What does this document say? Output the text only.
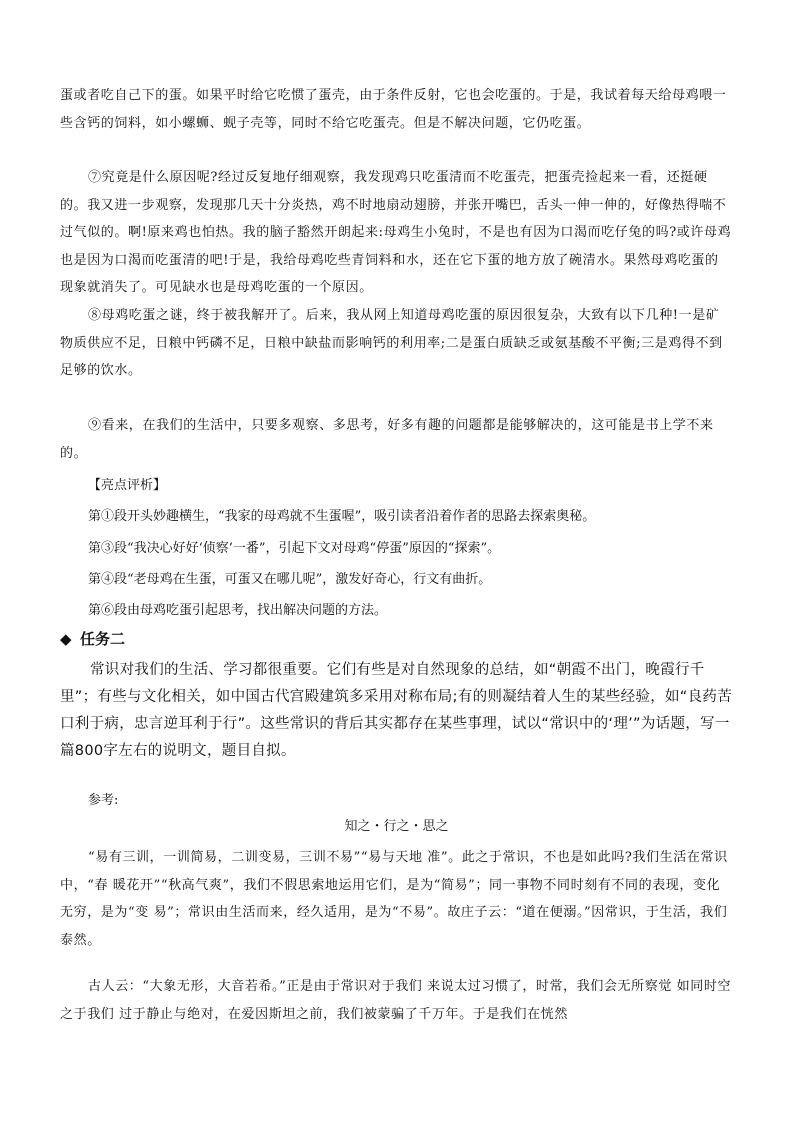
蛋或者吃自己下的蛋。如果平时给它吃惯了蛋壳，由于条件反射，它也会吃蛋的。于是，我试着每天给母鸡喂一些含钙的饲料，如小螺蛳、蚬子壳等，同时不给它吃蛋壳。但是不解决问题，它仍吃蛋。

⑦究竟是什么原因呢?经过反复地仔细观察，我发现鸡只吃蛋清而不吃蛋壳，把蛋壳捡起来一看，还挺硬的。我又进一步观察，发现那几天十分炎热，鸡不时地扇动翅膀，并张开嘴巴，舌头一伸一伸的，好像热得喘不过气似的。啊!原来鸡也怕热。我的脑子豁然开朗起来:母鸡生小兔时，不是也有因为口渴而吃仔兔的吗?或许母鸡也是因为口渴而吃蛋清的吧!于是，我给母鸡吃些青饲料和水，还在它下蛋的地方放了碗清水。果然母鸡吃蛋的现象就消失了。可见缺水也是母鸡吃蛋的一个原因。

⑧母鸡吃蛋之谜，终于被我解开了。后来，我从网上知道母鸡吃蛋的原因很复杂，大致有以下几种!一是矿物质供应不足，日粮中钙磷不足，日粮中缺盐而影响钙的利用率;二是蛋白质缺乏或氨基酸不平衡;三是鸡得不到足够的饮水。

⑨看来，在我们的生活中，只要多观察、多思考，好多有趣的问题都是能够解决的，这可能是书上学不来的。

【亮点评析】

第①段开头妙趣横生，“我家的母鸡就不生蛋喔”，吸引读者沿着作者的思路去探索奥秘。

第③段“我决心好好‘侦察’一番”，引起下文对母鸡“停蛋”原因的“探索”。

第④段“老母鸡在生蛋，可蛋又在哪儿呢”，激发好奇心，行文有曲折。

第⑥段由母鸡吃蛋引起思考，找出解决问题的方法。

◆ 任务二

常识对我们的生活、学习都很重要。它们有些是对自然现象的总结，如“朝霞不出门，晚霞行千里”；有些与文化相关，如中国古代宫殿建筑多采用对称布局;有的则凝结着人生的某些经验，如“良药苦口利于病，忠言逆耳利于行”。这些常识的背后其实都存在某些事理，试以“常识中的‘理’”为话题，写一篇800字左右的说明文，题目自拟。

参考:

知之・行之・思之

“易有三训，一训简易，二训变易，三训不易”“易与天地 准”。此之于常识，不也是如此吗?我们生活在常识中，“春 暖花开”“秋高气爽”，我们不假思索地运用它们，是为“简易”；同一事物不同时刻有不同的表现，变化无穷，是为“变 易”；常识由生活而来，经久适用，是为“不易”。故庄子云：“道在便溺。”因常识，于生活，我们泰然。

古人云：“大象无形，大音若希。”正是由于常识对于我们 来说太过习惯了，时常，我们会无所察觉 如同时空之于我们 过于静止与绝对，在爱因斯坦之前，我们被蒙骗了千万年。于是我们在恍然
